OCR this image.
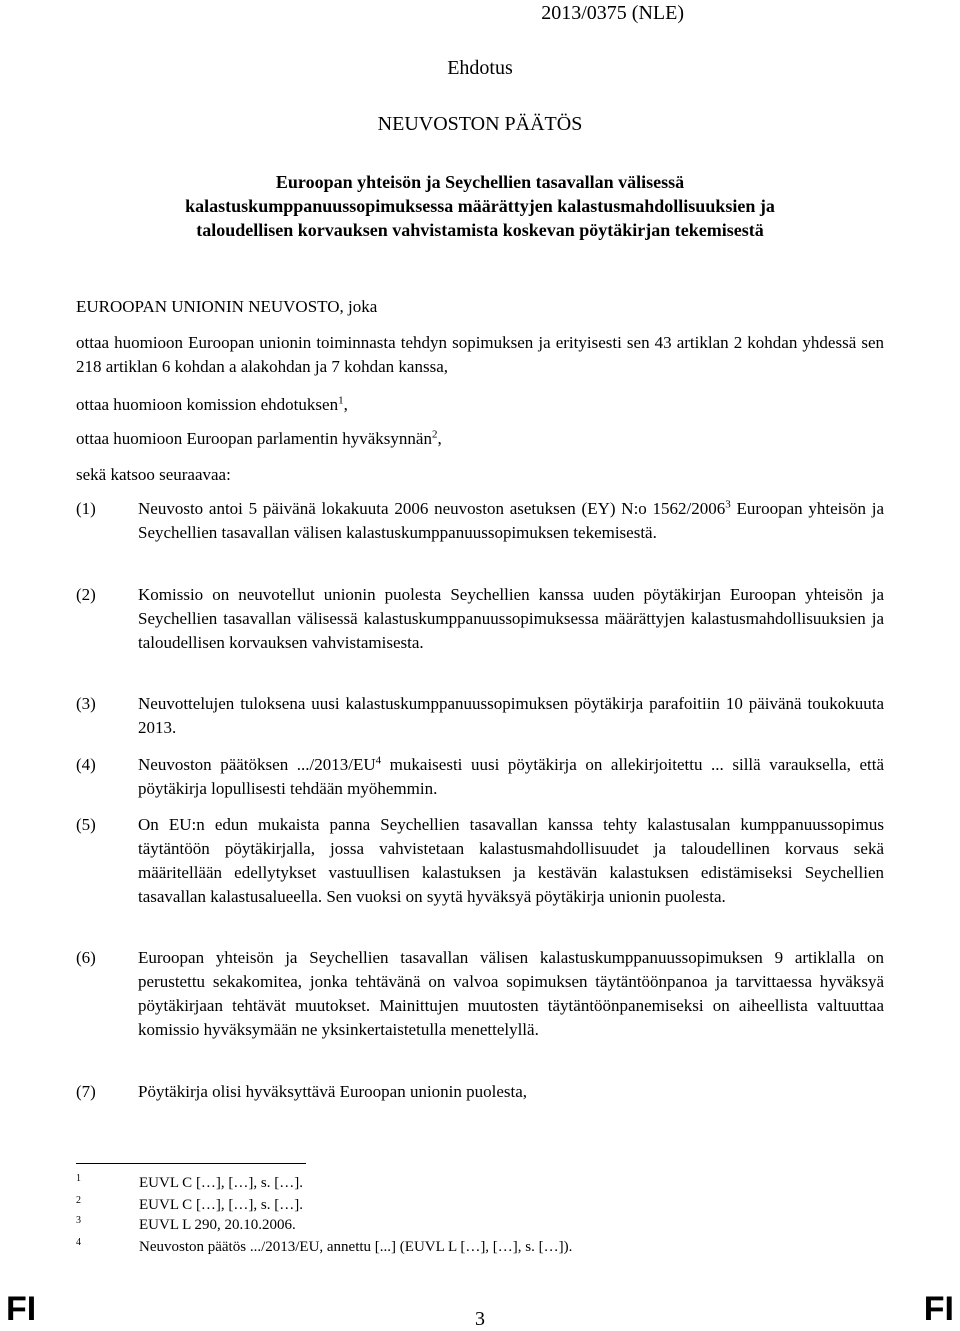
2013/0375 (NLE)
Ehdotus
NEUVOSTON PÄÄTÖS
Euroopan yhteisön ja Seychellien tasavallan välisessä
kalastuskumppanuussopimuksessa määrättyjen kalastusmahdollisuuksien ja
taloudellisen korvauksen vahvistamista koskevan pöytäkirjan tekemisestä
EUROOPAN UNIONIN NEUVOSTO, joka
ottaa huomioon Euroopan unionin toiminnasta tehdyn sopimuksen ja erityisesti sen 43 artiklan 2 kohdan yhdessä sen 218 artiklan 6 kohdan a alakohdan ja 7 kohdan kanssa,
ottaa huomioon komission ehdotuksen$^1$,
ottaa huomioon Euroopan parlamentin hyväksynnän$^2$,
sekä katsoo seuraavaa:
(1) Neuvosto antoi 5 päivänä lokakuuta 2006 neuvoston asetuksen (EY) N:o 1562/2006$^3$ Euroopan yhteisön ja Seychellien tasavallan välisen kalastuskumppanuussopimuksen tekemisestä.
(2) Komissio on neuvotellut unionin puolesta Seychellien kanssa uuden pöytäkirjan Euroopan yhteisön ja Seychellien tasavallan välisessä kalastuskumppanuussopimuksessa määrättyjen kalastusmahdollisuuksien ja taloudellisen korvauksen vahvistamisesta.
(3) Neuvottelujen tuloksena uusi kalastuskumppanuussopimuksen pöytäkirja parafoitiin 10 päivänä toukokuuta 2013.
(4) Neuvoston päätöksen $.../2013/EU^4$ mukaisesti uusi pöytäkirja on allekirjoitettu ... sillä varauksella, että pöytäkirja lopullisesti tehdään myöhemmin.
(5) On EU:n edun mukaista panna Seychellien tasavallan kanssa tehty kalastusalan kumppanuussopimus täytäntöön pöytäkirjalla, jossa vahvistetaan kalastusmahdollisuudet ja taloudellinen korvaus sekä määritellään edellytykset vastuullisen kalastuksen ja kestävän kalastuksen edistämiseksi Seychellien tasavallan kalastusalueella. Sen vuoksi on syytä hyväksyä pöytäkirja unionin puolesta.
(6) Euroopan yhteisön ja Seychellien tasavallan välisen kalastuskumppanuussopimuksen 9 artiklalla on perustettu sekakomitea, jonka tehtävänä on valvoa sopimuksen täytäntöönpanoa ja tarvittaessa hyväksyä pöytäkirjaan tehtävät muutokset. Mainittujen muutosten täytäntöönpanemiseksi on aiheellista valtuuttaa komissio hyväksymään ne yksinkertaistetulla menettelyllä.
(7) Pöytäkirja olisi hyväksyttävä Euroopan unionin puolesta,
1	EUVL C […], […], s. […].
2	EUVL C […], […], s. […].
3	EUVL L 290, 20.10.2006.
4	Neuvoston päätös .../2013/EU, annettu [...] (EUVL L […], […], s. […]).
FI	3	FI
